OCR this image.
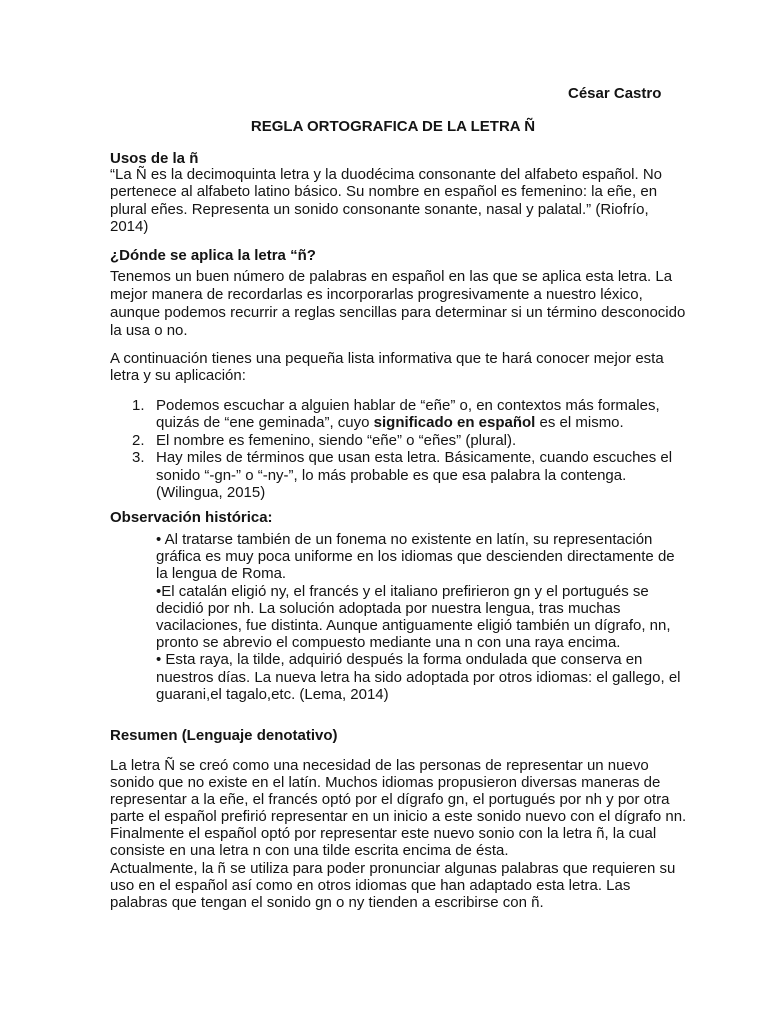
César Castro

REGLA ORTOGRAFICA DE LA LETRA Ñ

Usos de la ñ

“La Ñ es la decimoquinta letra y la duodécima consonante del alfabeto español. No
pertenece al alfabeto latino básico. Su nombre en español es femenino: la eñe, en
plural eñes. Representa un sonido consonante sonante, nasal y palatal.” (Riofrío,
2014)

¿Dónde se aplica la letra “ñ?

Tenemos un buen número de palabras en español en las que se aplica esta letra. La
mejor manera de recordarlas es incorporarlas progresivamente a nuestro léxico,
aunque podemos recurrir a reglas sencillas para determinar si un término desconocido
la usa o no.
A continuación tienes una pequeña lista informativa que te hará conocer mejor esta
letra y su aplicación:
1. Podemos escuchar a alguien hablar de “eñe” o, en contextos más formales,
quizás de “ene geminada”, cuyo significado en español es el mismo.
2. El nombre es femenino, siendo “eñe” o “eñes” (plural).
3. Hay miles de términos que usan esta letra. Básicamente, cuando escuches el
sonido “-gn-” o “-ny-”, lo más probable es que esa palabra la contenga.
(Wilingua, 2015)

Observación histórica:

• Al tratarse también de un fonema no existente en latín, su representación
gráfica es muy poca uniforme en los idiomas que descienden directamente de
la lengua de Roma.
•El catalán eligió ny, el francés y el italiano prefirieron gn y el portugués se
decidió por nh. La solución adoptada por nuestra lengua, tras muchas
vacilaciones, fue distinta. Aunque antiguamente eligió también un dígrafo, nn,
pronto se abrevio el compuesto mediante una n con una raya encima.
• Esta raya, la tilde, adquirió después la forma ondulada que conserva en
nuestros días. La nueva letra ha sido adoptada por otros idiomas: el gallego, el
guarani,el tagalo,etc. (Lema, 2014)

Resumen (Lenguaje denotativo)

La letra Ñ se creó como una necesidad de las personas de representar un nuevo
sonido que no existe en el latín. Muchos idiomas propusieron diversas maneras de
representar a la eñe, el francés optó por el dígrafo gn, el portugués por nh y por otra
parte el español prefirió representar en un inicio a este sonido nuevo con el dígrafo nn.
Finalmente el español optó por representar este nuevo sonio con la letra ñ, la cual
consiste en una letra n con una tilde escrita encima de ésta.
Actualmente, la ñ se utiliza para poder pronunciar algunas palabras que requieren su
uso en el español así como en otros idiomas que han adaptado esta letra. Las
palabras que tengan el sonido gn o ny tienden a escribirse con ñ.
